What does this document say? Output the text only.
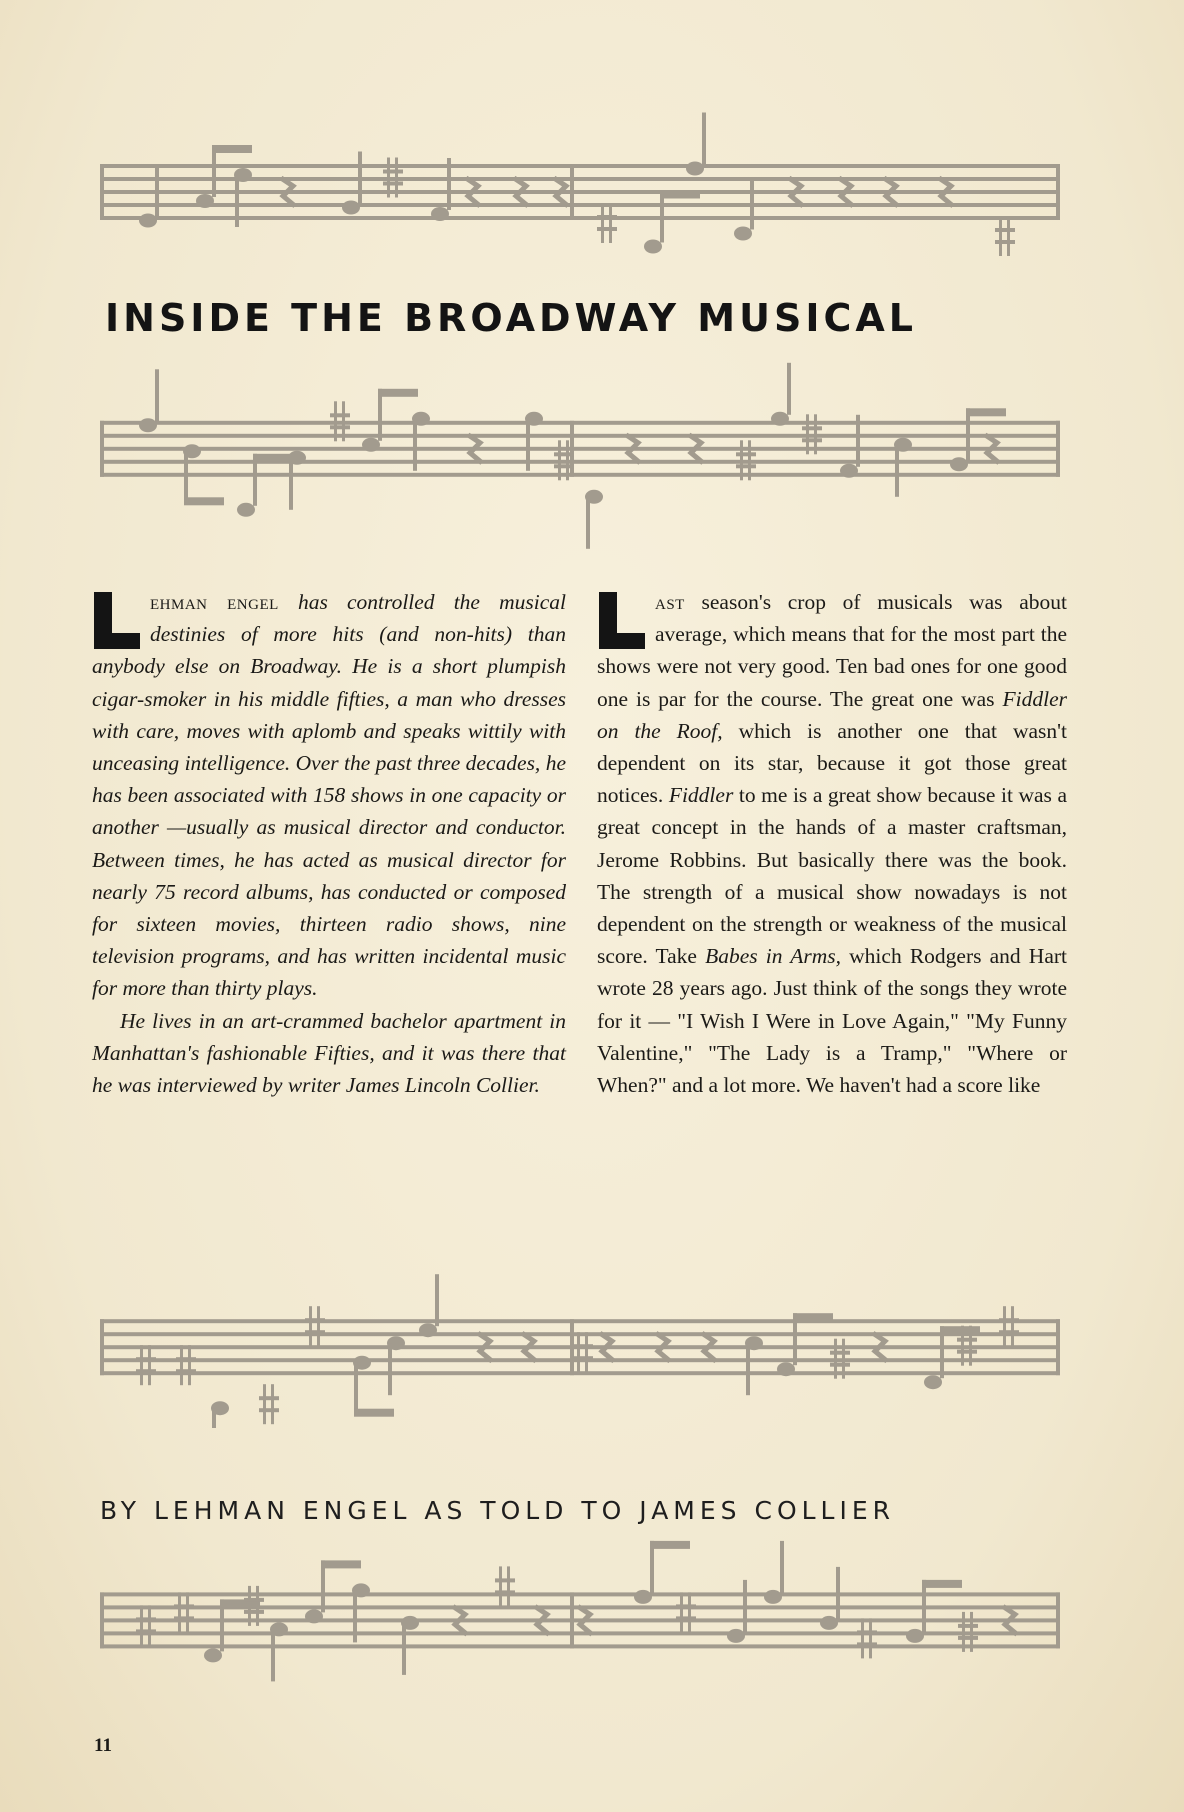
INSIDE THE BROADWAY MUSICAL

ehman engel has controlled the musical destinies of more hits (and non-hits) than anybody else on Broadway. He is a short plumpish cigar-smoker in his middle fifties, a man who dresses with care, moves with aplomb and speaks wittily with unceasing intelligence. Over the past three decades, he has been associated with 158 shows in one capacity or another —usually as musical director and conductor. Between times, he has acted as musical director for nearly 75 record albums, has conducted or composed for sixteen movies, thirteen radio shows, nine television programs, and has written incidental music for more than thirty plays.

He lives in an art-crammed bachelor apartment in Manhattan's fashionable Fifties, and it was there that he was interviewed by writer James Lincoln Collier.

ast season's crop of musicals was about average, which means that for the most part the shows were not very good. Ten bad ones for one good one is par for the course. The great one was Fiddler on the Roof, which is another one that wasn't dependent on its star, because it got those great notices. Fiddler to me is a great show because it was a great concept in the hands of a master craftsman, Jerome Robbins. But basically there was the book. The strength of a musical show nowadays is not dependent on the strength or weakness of the musical score. Take Babes in Arms, which Rodgers and Hart wrote 28 years ago. Just think of the songs they wrote for it — "I Wish I Were in Love Again," "My Funny Valentine," "The Lady is a Tramp," "Where or When?" and a lot more. We haven't had a score like

BY LEHMAN ENGEL AS TOLD TO JAMES COLLIER
11
